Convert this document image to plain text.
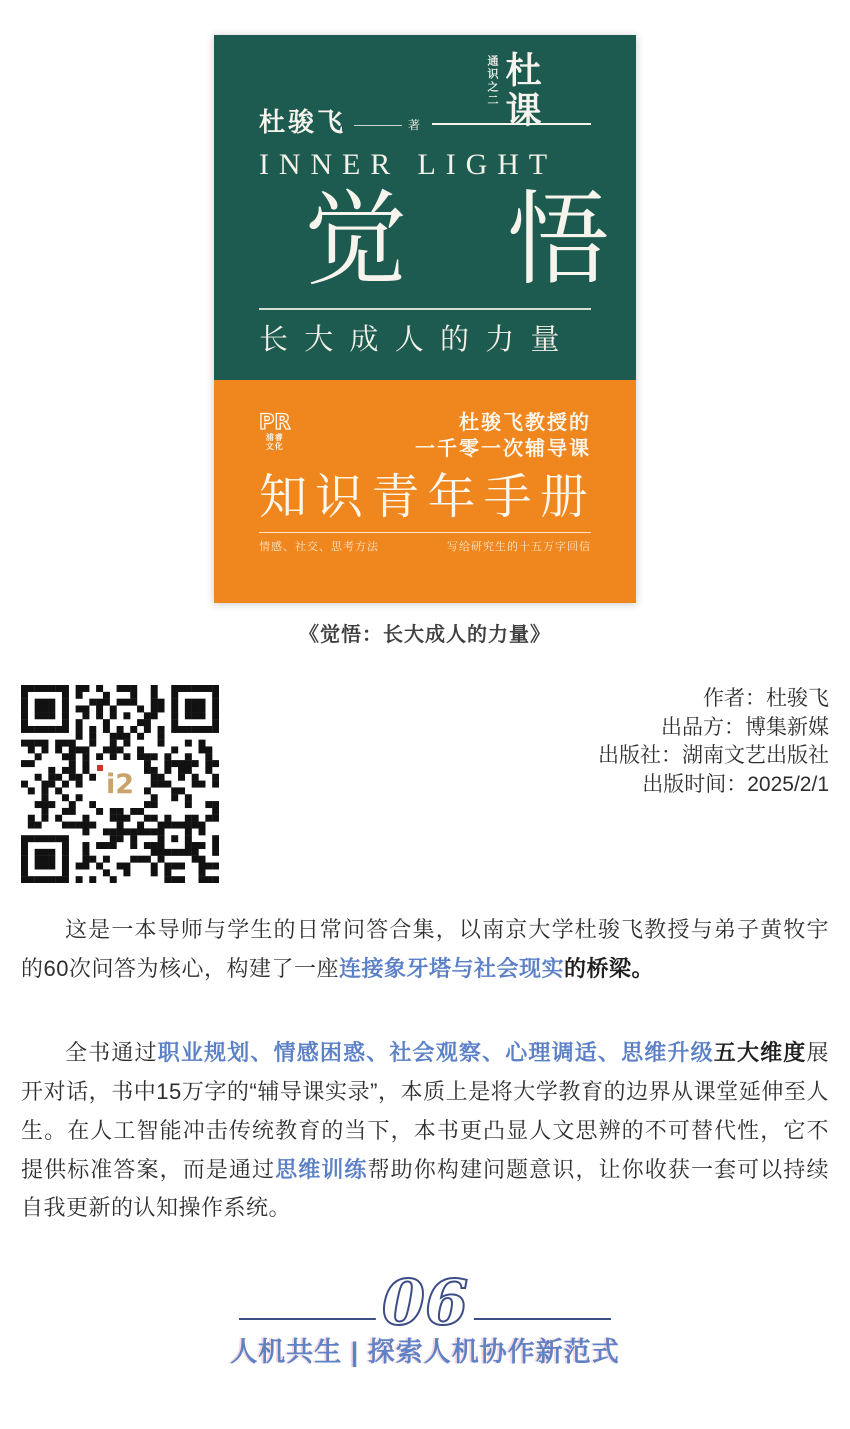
通识之二 杜课
杜骏飞	著
INNER LIGHT
觉 悟
长大成人的力量
PR
浦睿
文化
杜骏飞教授的
一千零一次辅导课
知识青年手册
情感、社交、思考方法	写给研究生的十五万字回信
《觉悟：长大成人的力量》
i2
作者：杜骏飞
出品方：博集新媒
出版社：湖南文艺出版社
出版时间：2025/2/1

这是一本导师与学生的日常问答合集，以南京大学杜骏飞教授与弟子黄牧宇的60次问答为核心，构建了一座连接象牙塔与社会现实的桥梁。

全书通过职业规划、情感困惑、社会观察、心理调适、思维升级五大维度展开对话，书中15万字的“辅导课实录”，本质上是将大学教育的边界从课堂延伸至人生。在人工智能冲击传统教育的当下，本书更凸显人文思辨的不可替代性，它不提供标准答案，而是通过思维训练帮助你构建问题意识，让你收获一套可以持续自我更新的认知操作系统。

06
人机共生 | 探索人机协作新范式
